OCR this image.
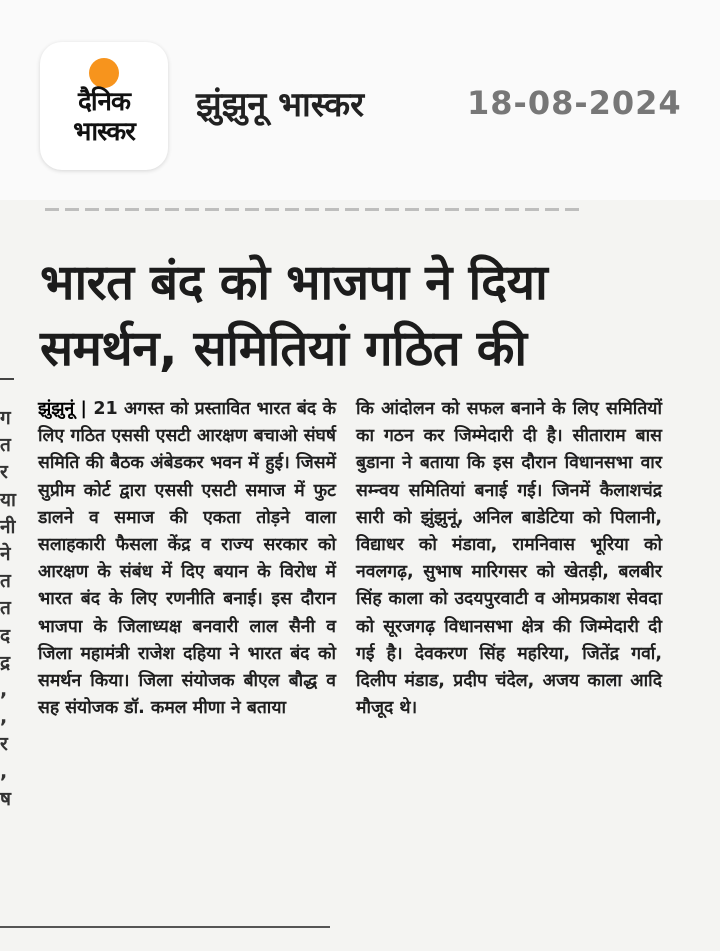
दैनिक
भास्कर
झुंझुनू भास्कर	18-08-2024
ग त र या नी ने त त द द्र , , र , ष
भारत बंद को भाजपा ने दिया समर्थन, समितियां गठित की

झुंझुनूं | 21 अगस्त को प्रस्तावित भारत बंद के लिए गठित एससी एसटी आरक्षण बचाओ संघर्ष समिति की बैठक अंबेडकर भवन में हुई। जिसमें सुप्रीम कोर्ट द्वारा एससी एसटी समाज में फुट डालने व समाज की एकता तोड़ने वाला सलाहकारी फैसला केंद्र व राज्य सरकार को आरक्षण के संबंध में दिए बयान के विरोध में भारत बंद के लिए रणनीति बनाई। इस दौरान भाजपा के जिलाध्यक्ष बनवारी लाल सैनी व जिला महामंत्री राजेश दहिया ने भारत बंद को समर्थन किया। जिला संयोजक बीएल बौद्ध व सह संयोजक डॉ. कमल मीणा ने बताया

कि आंदोलन को सफल बनाने के लिए समितियों का गठन कर जिम्मेदारी दी है। सीताराम बास बुडाना ने बताया कि इस दौरान विधानसभा वार सम्न्वय समितियां बनाई गई। जिनमें कैलाशचंद्र सारी को झुंझुनूं, अनिल बाडेटिया को पिलानी, विद्याधर को मंडावा, रामनिवास भूरिया को नवलगढ़, सुभाष मारिगसर को खेतड़ी, बलबीर सिंह काला को उदयपुरवाटी व ओमप्रकाश सेवदा को सूरजगढ़ विधानसभा क्षेत्र की जिम्मेदारी दी गई है। देवकरण सिंह महरिया, जितेंद्र गर्वा, दिलीप मंडाड, प्रदीप चंदेल, अजय काला आदि मौजूद थे।
